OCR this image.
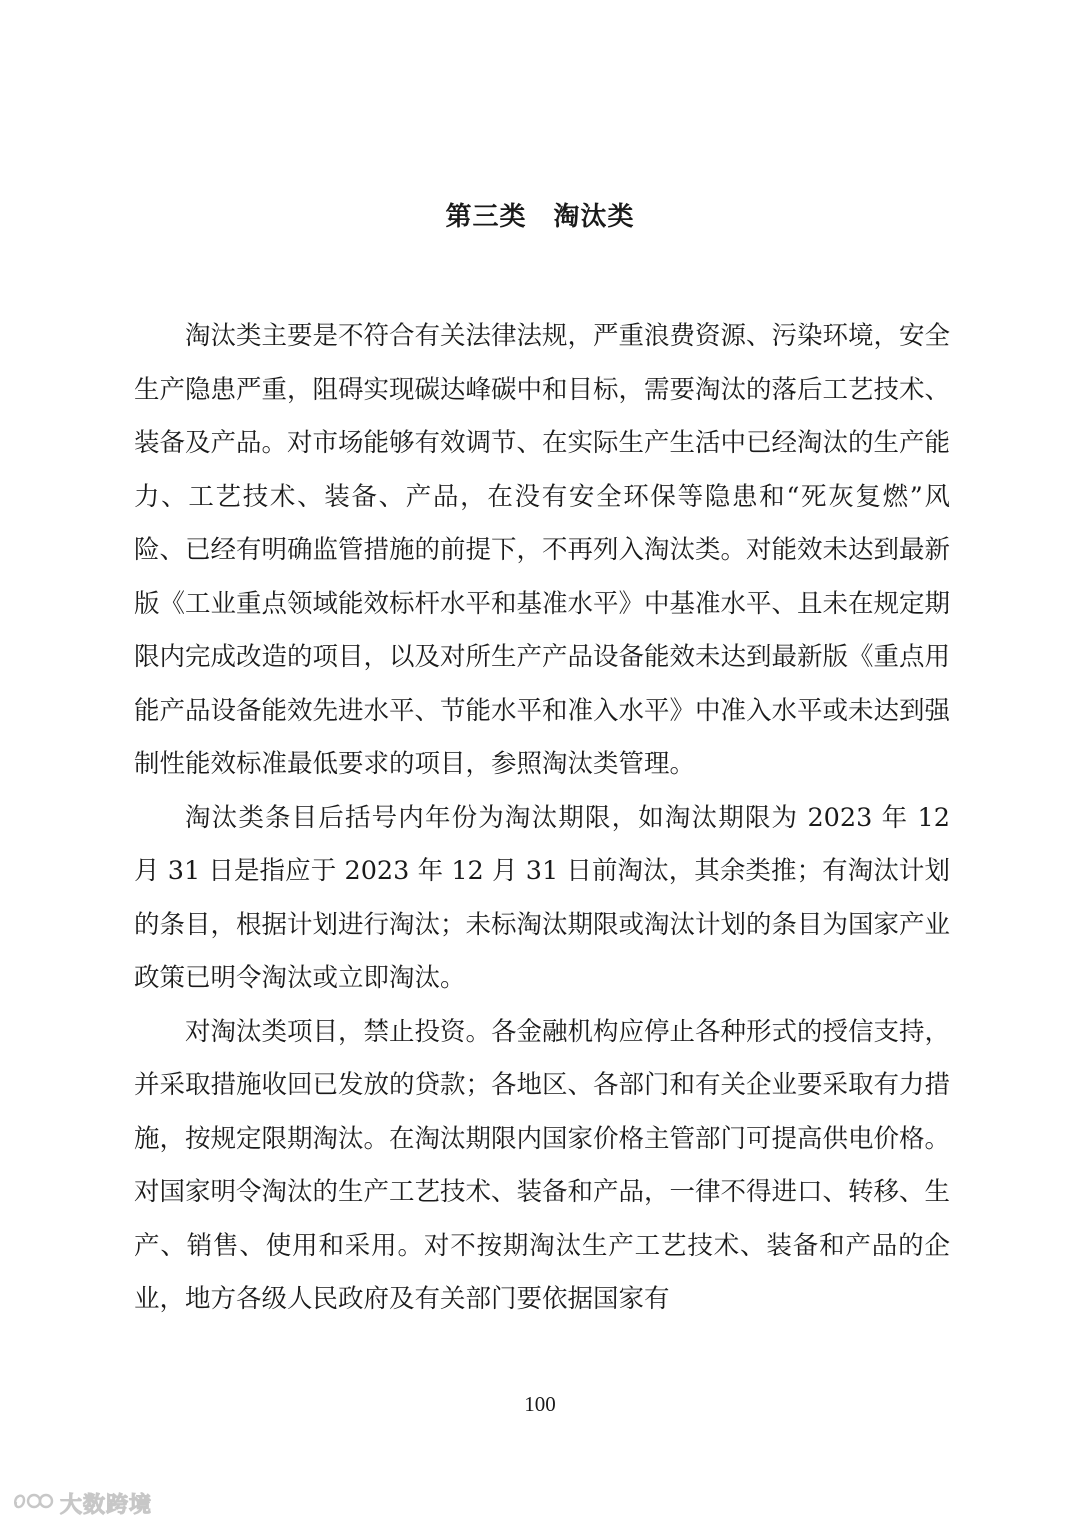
第三类　淘汰类

淘汰类主要是不符合有关法律法规，严重浪费资源、污染环境，安全生产隐患严重，阻碍实现碳达峰碳中和目标，需要淘汰的落后工艺技术、装备及产品。对市场能够有效调节、在实际生产生活中已经淘汰的生产能力、工艺技术、装备、产品，在没有安全环保等隐患和“死灰复燃”风险、已经有明确监管措施的前提下，不再列入淘汰类。对能效未达到最新版《工业重点领域能效标杆水平和基准水平》中基准水平、且未在规定期限内完成改造的项目，以及对所生产产品设备能效未达到最新版《重点用能产品设备能效先进水平、节能水平和准入水平》中准入水平或未达到强制性能效标准最低要求的项目，参照淘汰类管理。

淘汰类条目后括号内年份为淘汰期限，如淘汰期限为 2023 年 12 月 31 日是指应于 2023 年 12 月 31 日前淘汰，其余类推；有淘汰计划的条目，根据计划进行淘汰；未标淘汰期限或淘汰计划的条目为国家产业政策已明令淘汰或立即淘汰。

对淘汰类项目，禁止投资。各金融机构应停止各种形式的授信支持，并采取措施收回已发放的贷款；各地区、各部门和有关企业要采取有力措施，按规定限期淘汰。在淘汰期限内国家价格主管部门可提高供电价格。对国家明令淘汰的生产工艺技术、装备和产品，一律不得进口、转移、生产、销售、使用和采用。对不按期淘汰生产工艺技术、装备和产品的企业，地方各级人民政府及有关部门要依据国家有

100
大数跨境
